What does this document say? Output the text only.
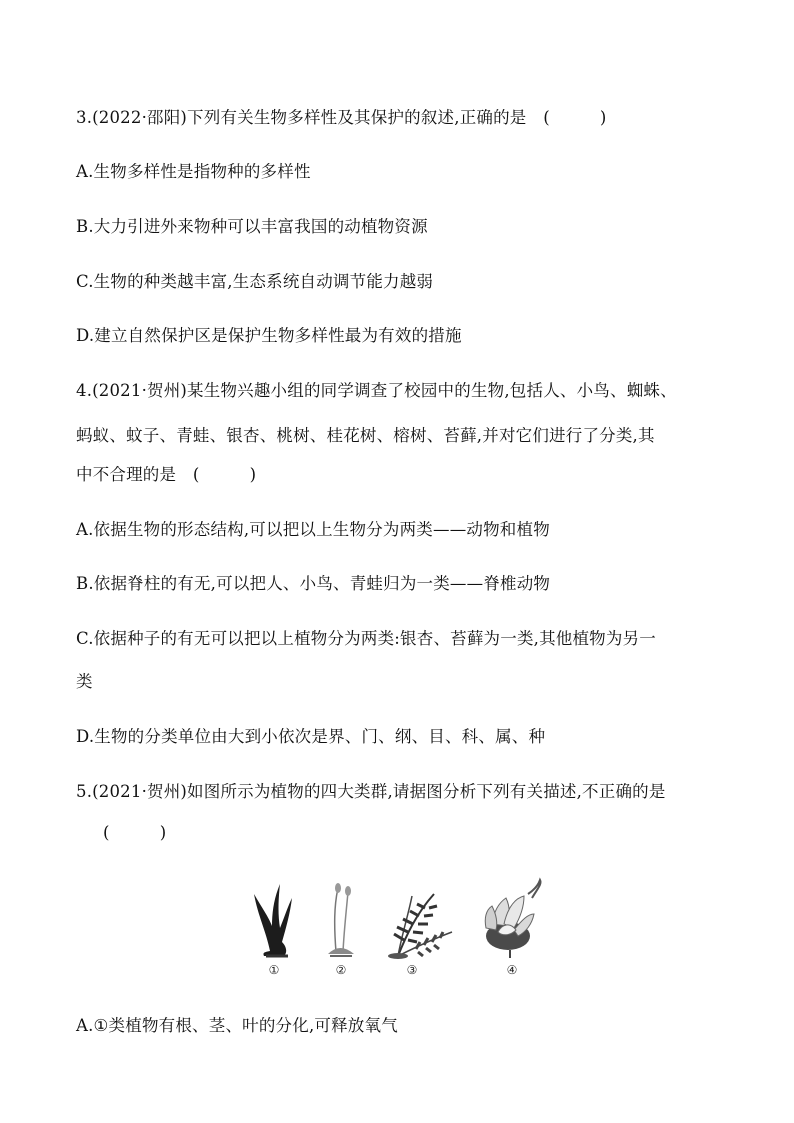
3.(2022·邵阳)下列有关生物多样性及其保护的叙述,正确的是　(　　　)
A.生物多样性是指物种的多样性
B.大力引进外来物种可以丰富我国的动植物资源
C.生物的种类越丰富,生态系统自动调节能力越弱
D.建立自然保护区是保护生物多样性最为有效的措施
4.(2021·贺州)某生物兴趣小组的同学调查了校园中的生物,包括人、小鸟、蜘蛛、
蚂蚁、蚊子、青蛙、银杏、桃树、桂花树、榕树、苔藓,并对它们进行了分类,其
中不合理的是　(　　　)
A.依据生物的形态结构,可以把以上生物分为两类——动物和植物
B.依据脊柱的有无,可以把人、小鸟、青蛙归为一类——脊椎动物
C.依据种子的有无可以把以上植物分为两类:银杏、苔藓为一类,其他植物为另一
类
D.生物的分类单位由大到小依次是界、门、纲、目、科、属、种
5.(2021·贺州)如图所示为植物的四大类群,请据图分析下列有关描述,不正确的是
(　　　)
①	②	③	④
A.①类植物有根、茎、叶的分化,可释放氧气
